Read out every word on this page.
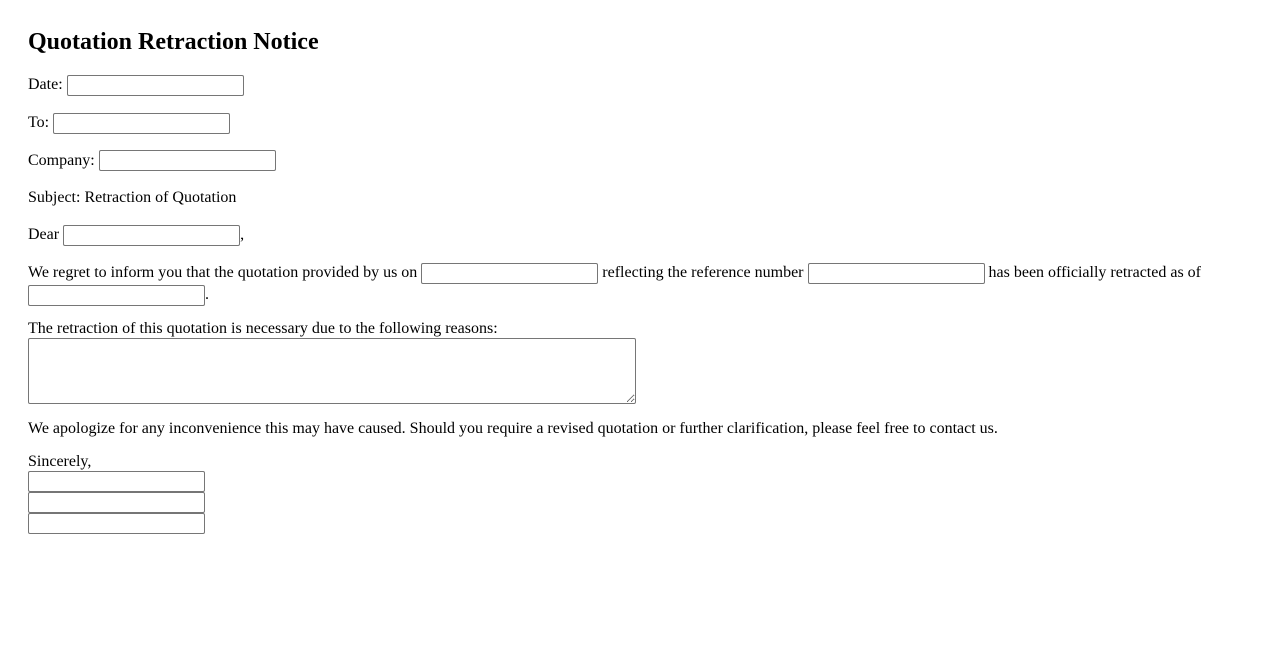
Quotation Retraction Notice
Date:
To:
Company:
Subject: Retraction of Quotation
Dear	,
We regret to inform you that the quotation provided by us on	reflecting the reference number	has been officially retracted as of .
The retraction of this quotation is necessary due to the following reasons:
We apologize for any inconvenience this may have caused. Should you require a revised quotation or further clarification, please feel free to contact us.
Sincerely,
